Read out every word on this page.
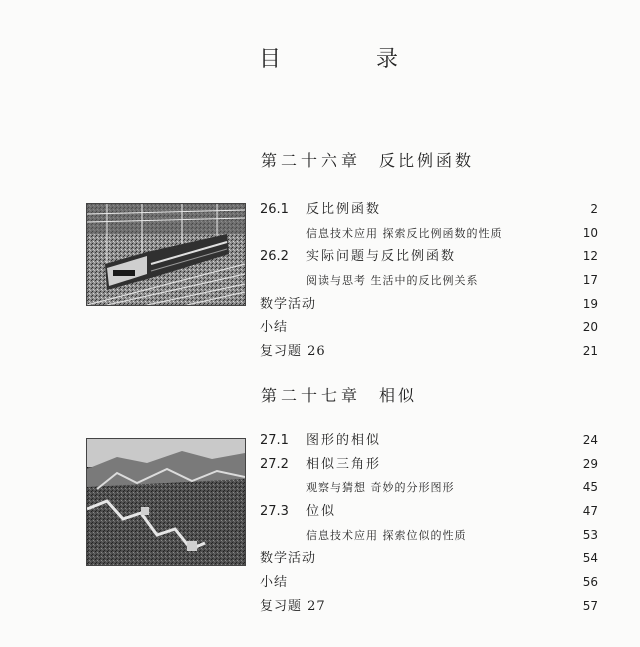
目 录
第二十六章 反比例函数
26.1 反比例函数	2
信息技术应用 探索反比例函数的性质	10
26.2 实际问题与反比例函数	12
阅读与思考 生活中的反比例关系	17
数学活动	19
小结	20
复习题 26	21
第二十七章 相似
27.1 图形的相似	24
27.2 相似三角形	29
观察与猜想 奇妙的分形图形	45
27.3 位似	47
信息技术应用 探索位似的性质	53
数学活动	54
小结	56
复习题 27	57
